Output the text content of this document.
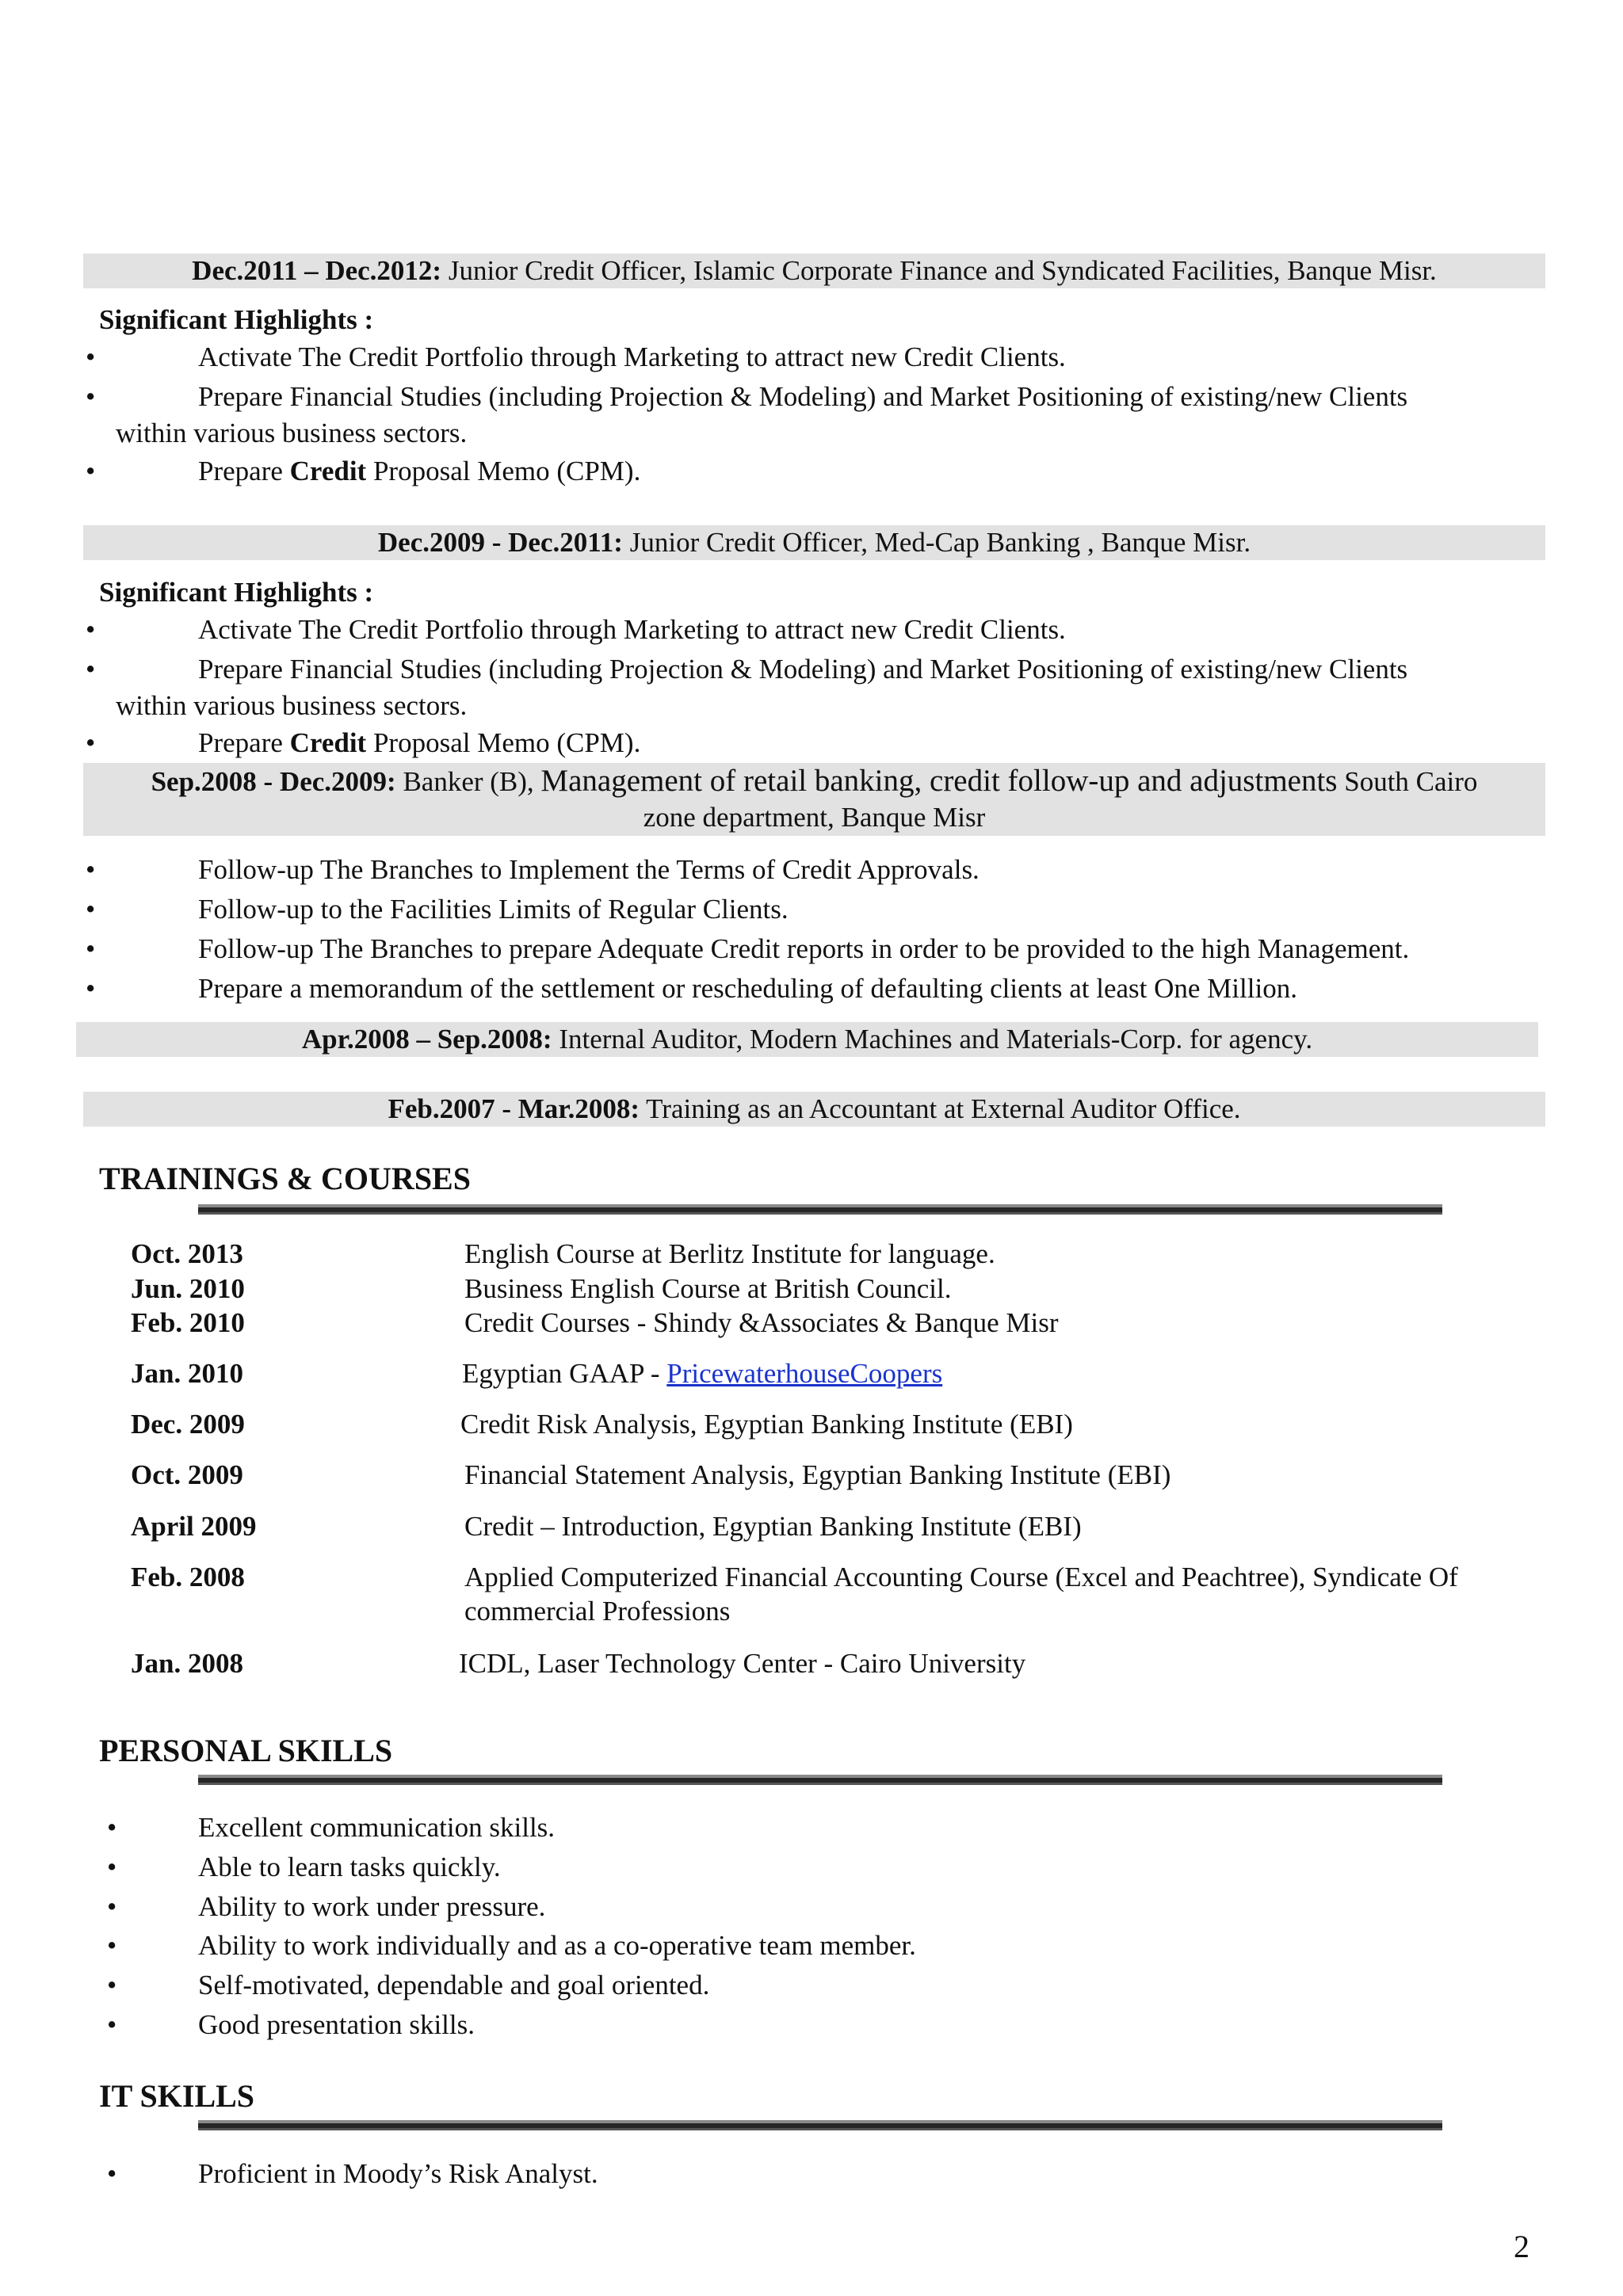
Dec.2011 – Dec.2012: Junior Credit Officer, Islamic Corporate Finance and Syndicated Facilities, Banque Misr.
Significant Highlights :
•	Activate The Credit Portfolio through Marketing to attract new Credit Clients.
•	Prepare Financial Studies (including Projection & Modeling) and Market Positioning of existing/new Clients
within various business sectors.
•	Prepare Credit Proposal Memo (CPM).
Dec.2009 - Dec.2011: Junior Credit Officer, Med-Cap Banking , Banque Misr.
Significant Highlights :
•	Activate The Credit Portfolio through Marketing to attract new Credit Clients.
•	Prepare Financial Studies (including Projection & Modeling) and Market Positioning of existing/new Clients
within various business sectors.
•	Prepare Credit Proposal Memo (CPM).
Sep.2008 - Dec.2009: Banker (B), Management of retail banking, credit follow-up and adjustments South Cairo
zone department, Banque Misr
•	Follow-up The Branches to Implement the Terms of Credit Approvals.
•	Follow-up to the Facilities Limits of Regular Clients.
•	Follow-up The Branches to prepare Adequate Credit reports in order to be provided to the high Management.
•	Prepare a memorandum of the settlement or rescheduling of defaulting clients at least One Million.
Apr.2008 – Sep.2008: Internal Auditor, Modern Machines and Materials-Corp. for agency.
Feb.2007 - Mar.2008: Training as an Accountant at External Auditor Office.
TRAININGS & COURSES
Oct. 2013	English Course at Berlitz Institute for language.
Jun. 2010	Business English Course at British Council.
Feb. 2010	Credit Courses - Shindy &Associates & Banque Misr
Jan. 2010	Egyptian GAAP - PricewaterhouseCoopers
Dec. 2009	Credit Risk Analysis, Egyptian Banking Institute (EBI)
Oct. 2009	Financial Statement Analysis, Egyptian Banking Institute (EBI)
April 2009	Credit – Introduction, Egyptian Banking Institute (EBI)
Feb. 2008	Applied Computerized Financial Accounting Course (Excel and Peachtree), Syndicate Of
commercial Professions
Jan. 2008	ICDL, Laser Technology Center - Cairo University
PERSONAL SKILLS
•	Excellent communication skills.
•	Able to learn tasks quickly.
•	Ability to work under pressure.
•	Ability to work individually and as a co-operative team member.
•	Self-motivated, dependable and goal oriented.
•	Good presentation skills.
IT SKILLS
•	Proficient in Moody’s Risk Analyst.
2
